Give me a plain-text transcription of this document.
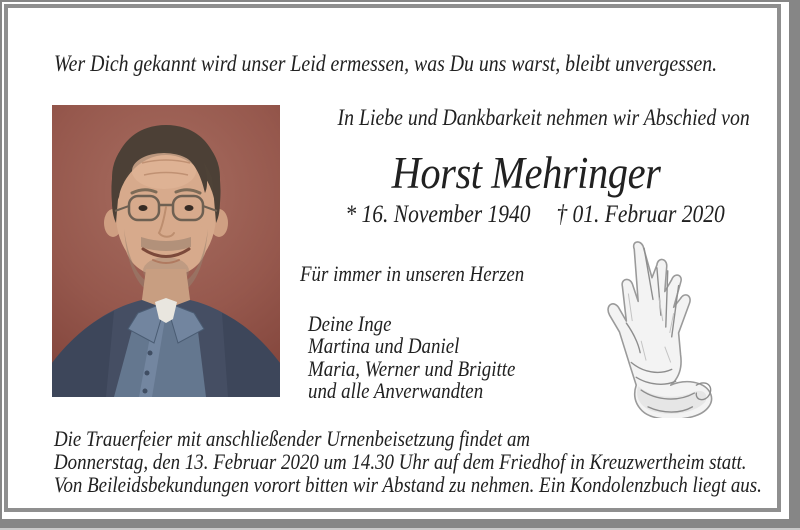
Wer Dich gekannt wird unser Leid ermessen, was Du uns warst, bleibt unvergessen.
In Liebe und Dankbarkeit nehmen wir Abschied von
Horst Mehringer
* 16. November 1940 † 01. Februar 2020
Für immer in unseren Herzen
Deine Inge
Martina und Daniel
Maria, Werner und Brigitte
und alle Anverwandten
Die Trauerfeier mit anschließender Urnenbeisetzung findet am
Donnerstag, den 13. Februar 2020 um 14.30 Uhr auf dem Friedhof in Kreuzwertheim statt.
Von Beileidsbekundungen vorort bitten wir Abstand zu nehmen. Ein Kondolenzbuch liegt aus.
